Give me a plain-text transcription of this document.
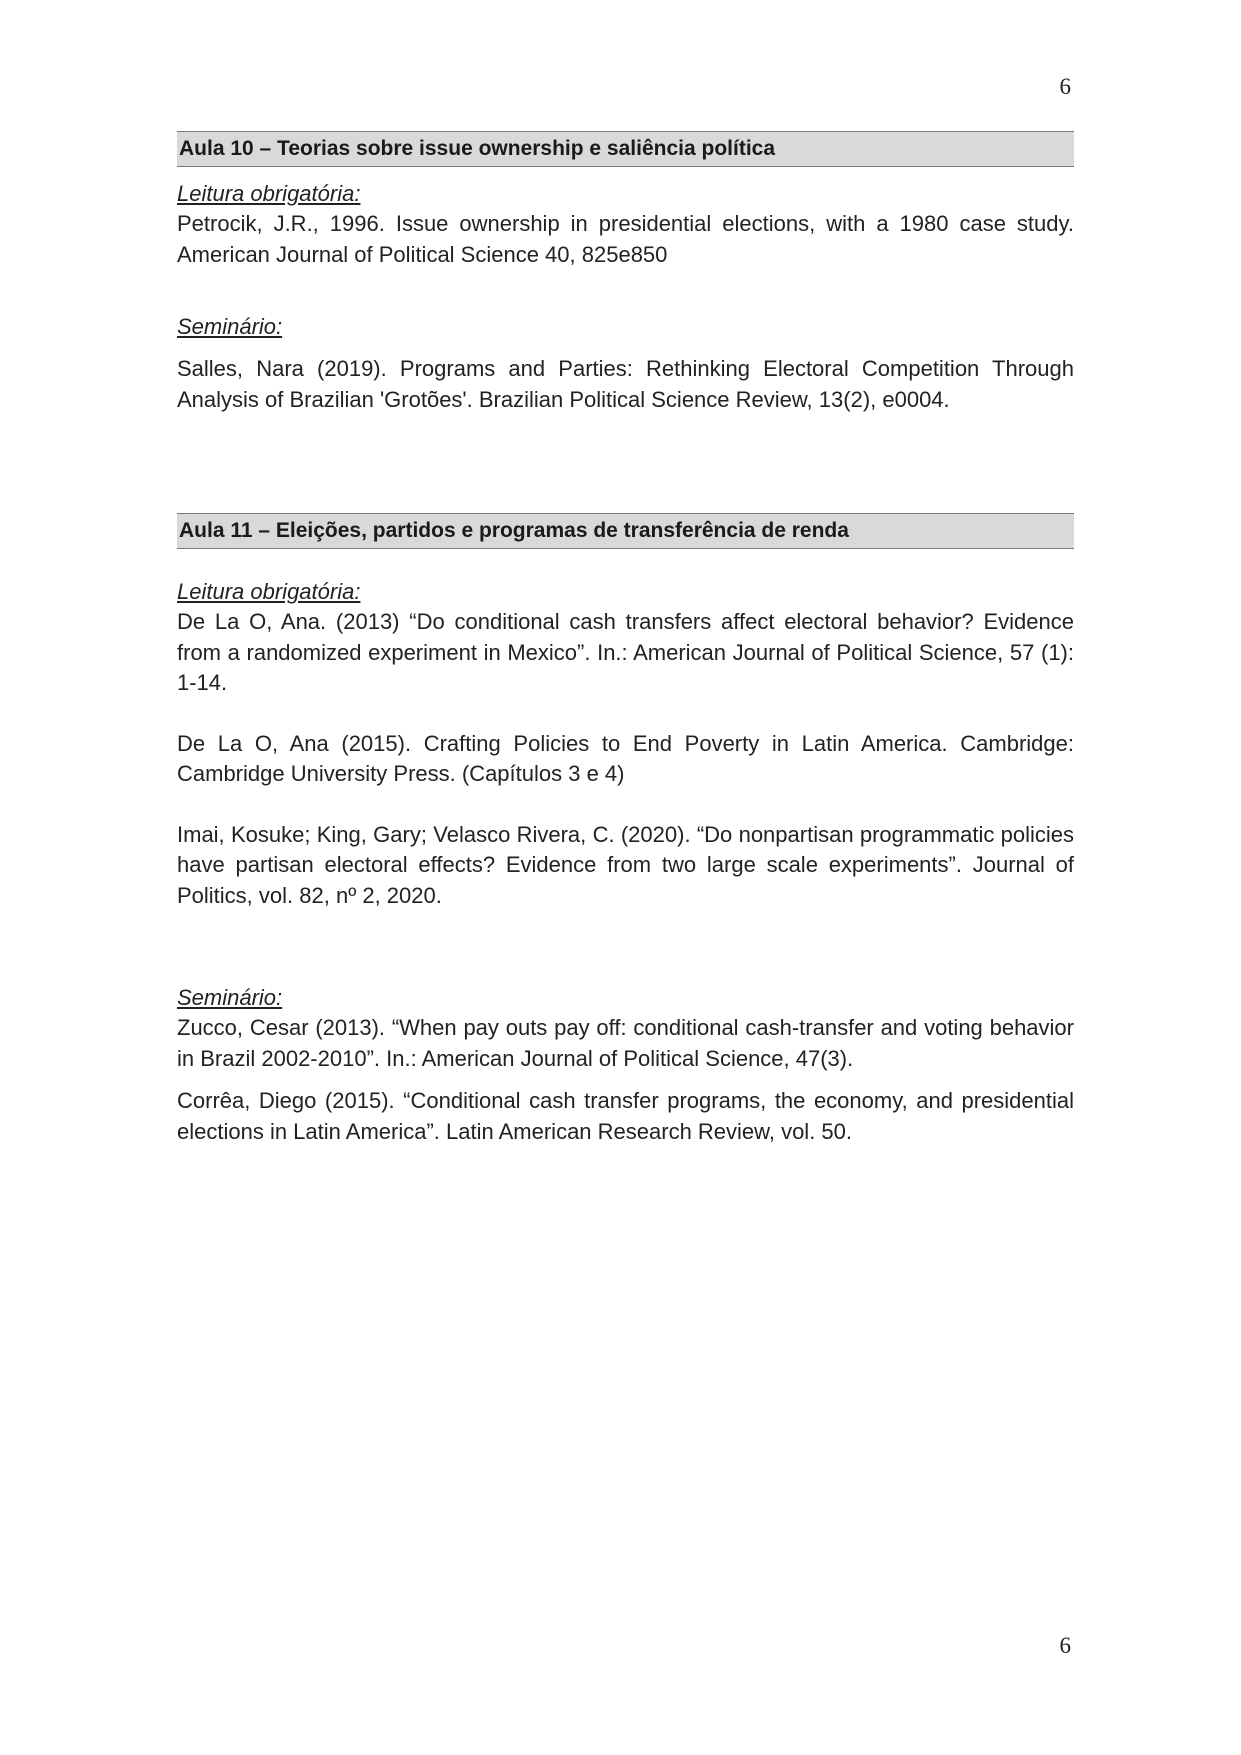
6
Aula 10 – Teorias sobre issue ownership e saliência política
Leitura obrigatória:
Petrocik, J.R., 1996. Issue ownership in presidential elections, with a 1980 case study. American Journal of Political Science 40, 825e850
Seminário:
Salles, Nara (2019). Programs and Parties: Rethinking Electoral Competition Through Analysis of Brazilian 'Grotões'. Brazilian Political Science Review, 13(2), e0004.
Aula 11 – Eleições, partidos e programas de transferência de renda
Leitura obrigatória:
De La O, Ana. (2013) “Do conditional cash transfers affect electoral behavior? Evidence from a randomized experiment in Mexico”. In.: American Journal of Political Science, 57 (1): 1-14.
De La O, Ana (2015). Crafting Policies to End Poverty in Latin America. Cambridge: Cambridge University Press. (Capítulos 3 e 4)
Imai, Kosuke; King, Gary; Velasco Rivera, C. (2020). “Do nonpartisan programmatic policies have partisan electoral effects? Evidence from two large scale experiments”. Journal of Politics, vol. 82, nº 2, 2020.
Seminário:
Zucco, Cesar (2013). “When pay outs pay off: conditional cash-transfer and voting behavior in Brazil 2002-2010”. In.: American Journal of Political Science, 47(3).
Corrêa, Diego (2015). “Conditional cash transfer programs, the economy, and presidential elections in Latin America”. Latin American Research Review, vol. 50.
6
